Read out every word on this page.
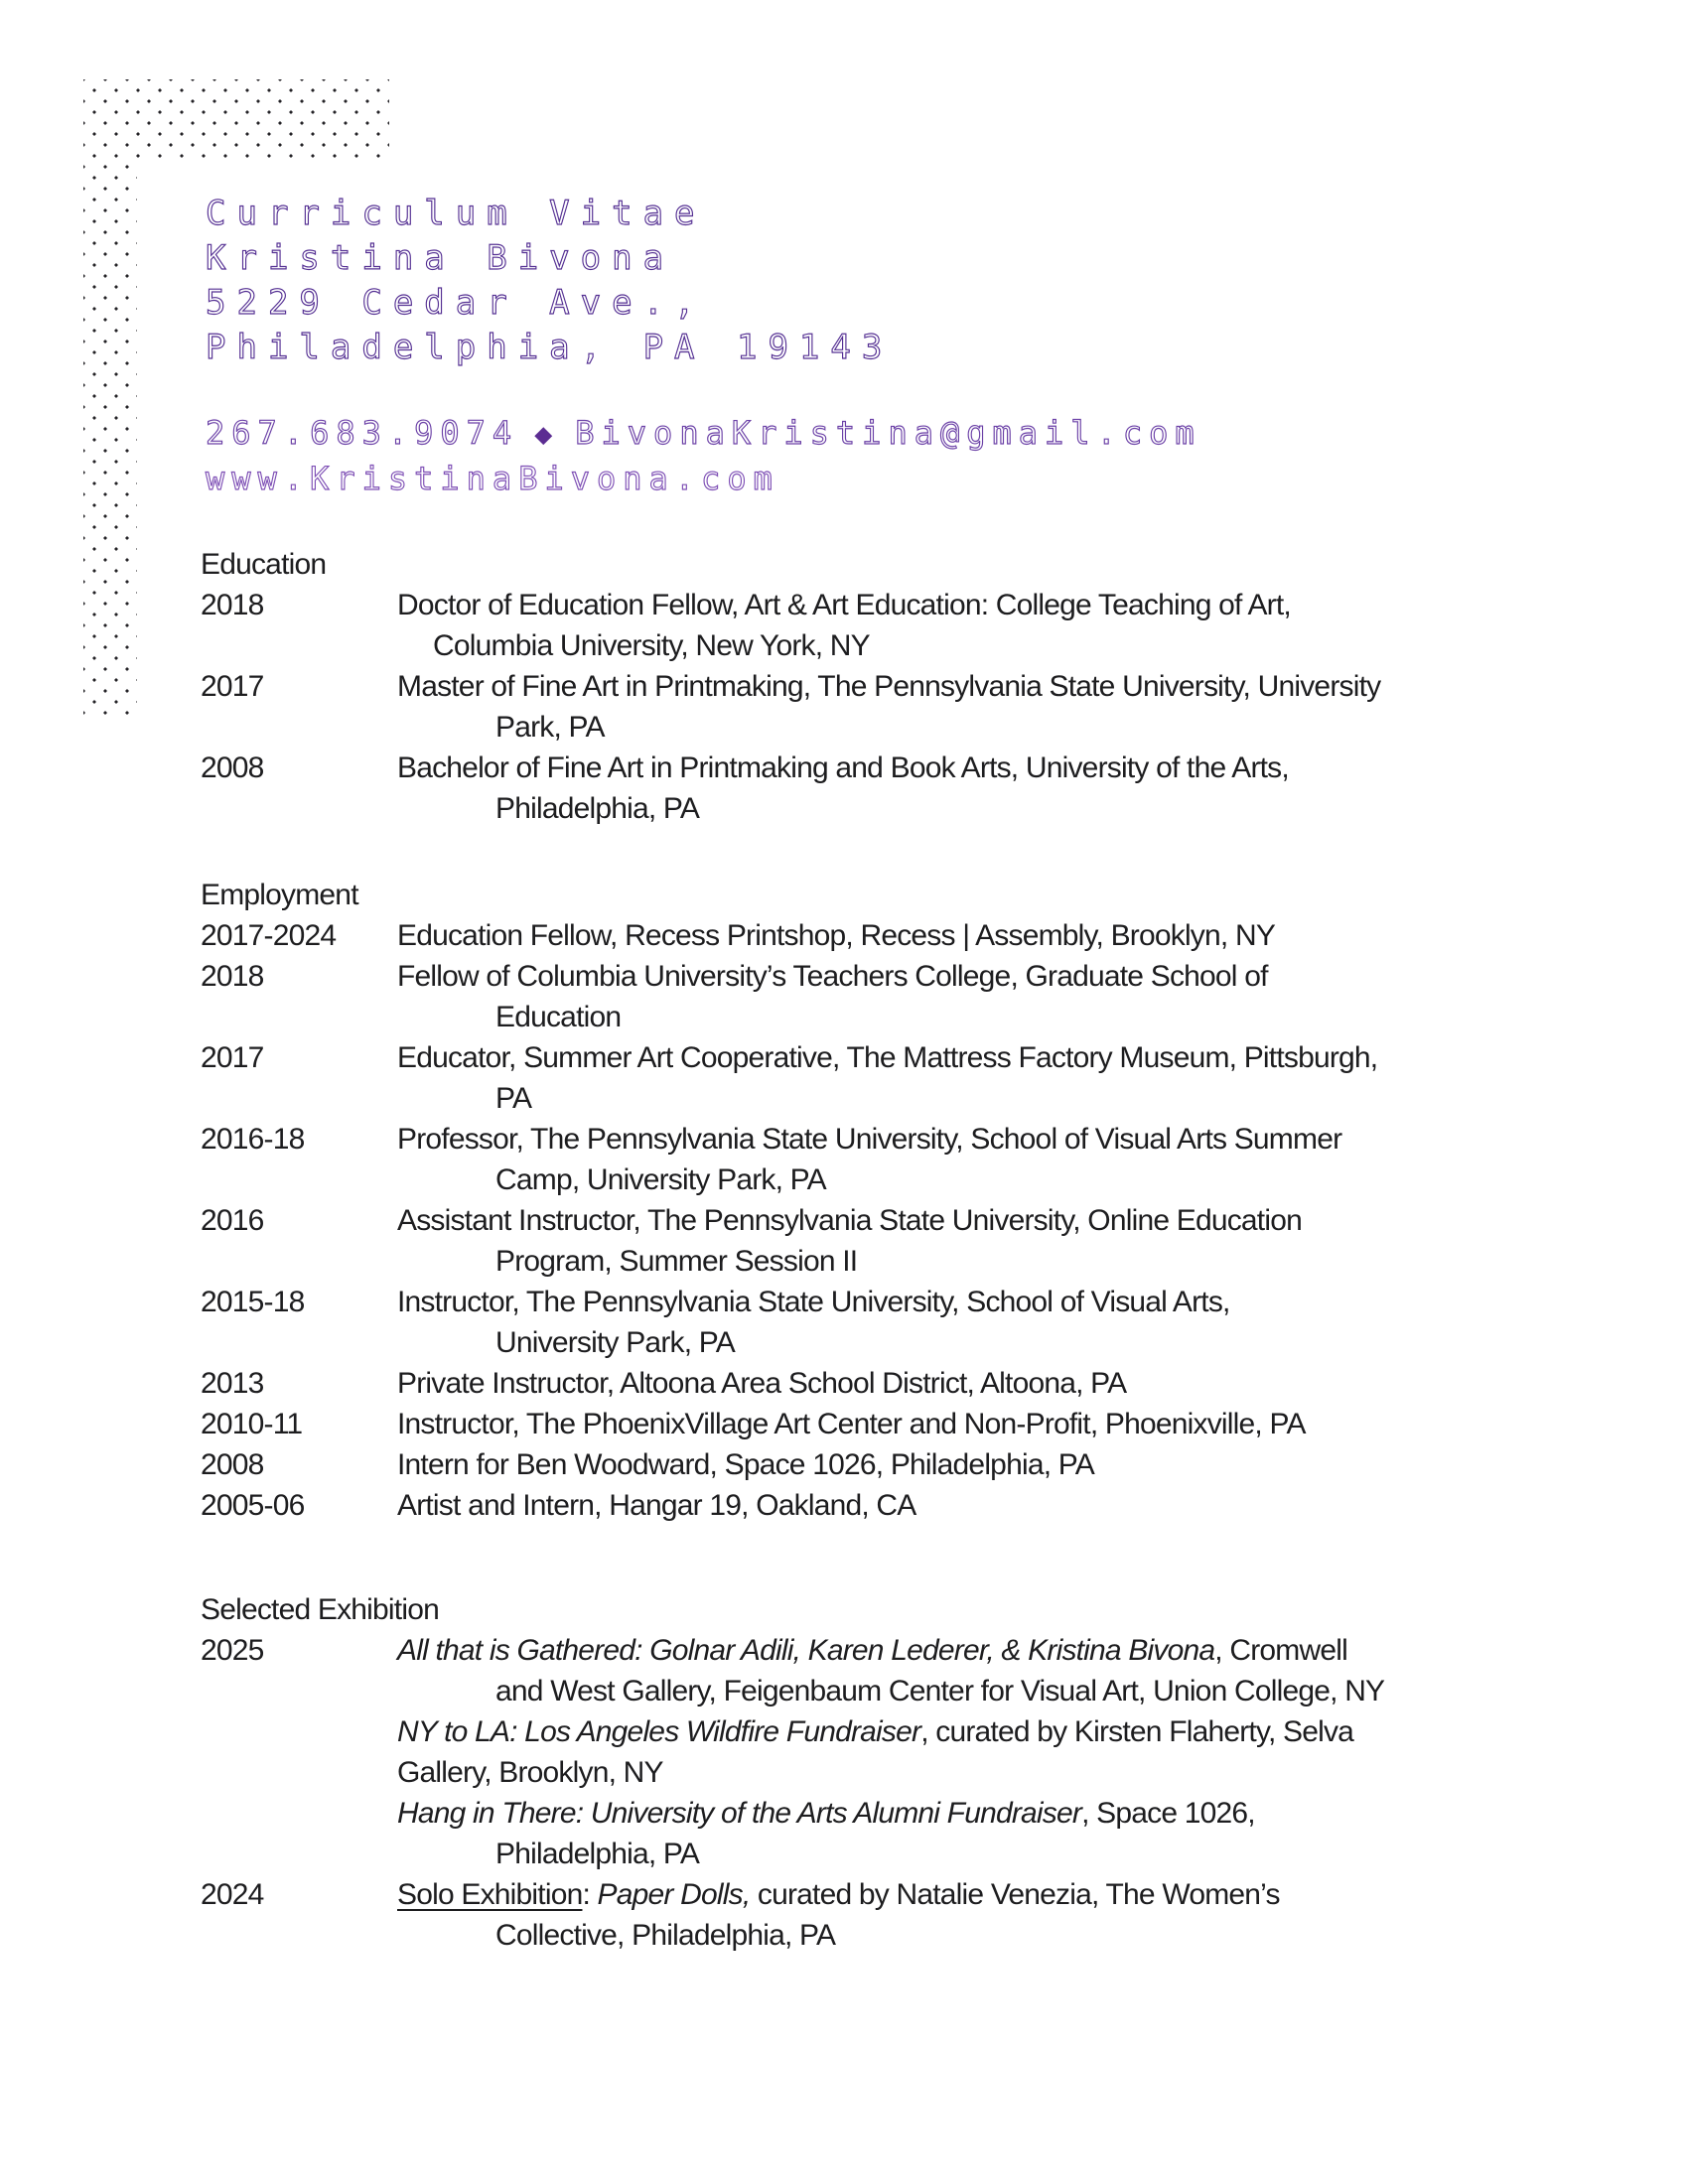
Curriculum Vitae
Kristina Bivona
5229 Cedar Ave.,
Philadelphia, PA 19143
267.683.9074 ◆ BivonaKristina@gmail.com
www.KristinaBivona.com
Education
2018	Doctor of Education Fellow, Art & Art Education: College Teaching of Art,
Columbia University, New York, NY
2017	Master of Fine Art in Printmaking, The Pennsylvania State University, University
Park, PA
2008	Bachelor of Fine Art in Printmaking and Book Arts, University of the Arts,
Philadelphia, PA
Employment
2017-2024	Education Fellow, Recess Printshop, Recess | Assembly, Brooklyn, NY
2018	Fellow of Columbia University’s Teachers College, Graduate School of
Education
2017	Educator, Summer Art Cooperative, The Mattress Factory Museum, Pittsburgh,
PA
2016-18	Professor, The Pennsylvania State University, School of Visual Arts Summer
Camp, University Park, PA
2016	Assistant Instructor, The Pennsylvania State University, Online Education
Program, Summer Session II
2015-18	Instructor, The Pennsylvania State University, School of Visual Arts,
University Park, PA
2013	Private Instructor, Altoona Area School District, Altoona, PA
2010-11	Instructor, The PhoenixVillage Art Center and Non-Profit, Phoenixville, PA
2008	Intern for Ben Woodward, Space 1026, Philadelphia, PA
2005-06	Artist and Intern, Hangar 19, Oakland, CA
Selected Exhibition
2025	All that is Gathered: Golnar Adili, Karen Lederer, & Kristina Bivona, Cromwell
and West Gallery, Feigenbaum Center for Visual Art, Union College, NY
NY to LA: Los Angeles Wildfire Fundraiser, curated by Kirsten Flaherty, Selva
Gallery, Brooklyn, NY
Hang in There: University of the Arts Alumni Fundraiser, Space 1026,
Philadelphia, PA
2024	Solo Exhibition: Paper Dolls, curated by Natalie Venezia, The Women’s
Collective, Philadelphia, PA
